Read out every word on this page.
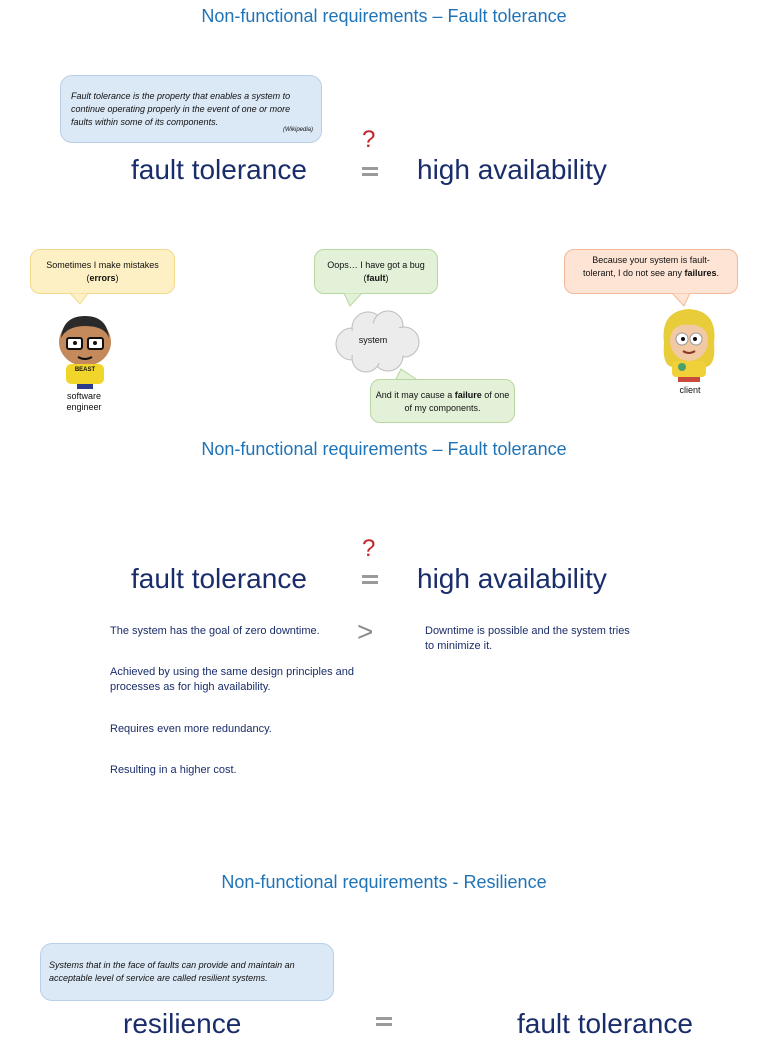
Non-functional requirements – Fault tolerance
Fault tolerance is the property that enables a system to continue operating properly in the event of one or more faults within some of its components.
(Wikipedia) ?
fault tolerance	high availability
Sometimes I make mistakes
(errors)
BEAST
software engineer
Oops… I have got a bug
(fault)
system
And it may cause a failure of one of my components.
Because your system is fault-tolerant, I do not see any failures.
client
Non-functional requirements – Fault tolerance
?
fault tolerance	high availability
>
The system has the goal of zero downtime.
Achieved by using the same design principles and processes as for high availability.
Requires even more redundancy.
Resulting in a higher cost.
Downtime is possible and the system tries to minimize it.
Non-functional requirements - Resilience
Systems that in the face of faults can provide and maintain an acceptable level of service are called resilient systems.
resilience	fault tolerance
